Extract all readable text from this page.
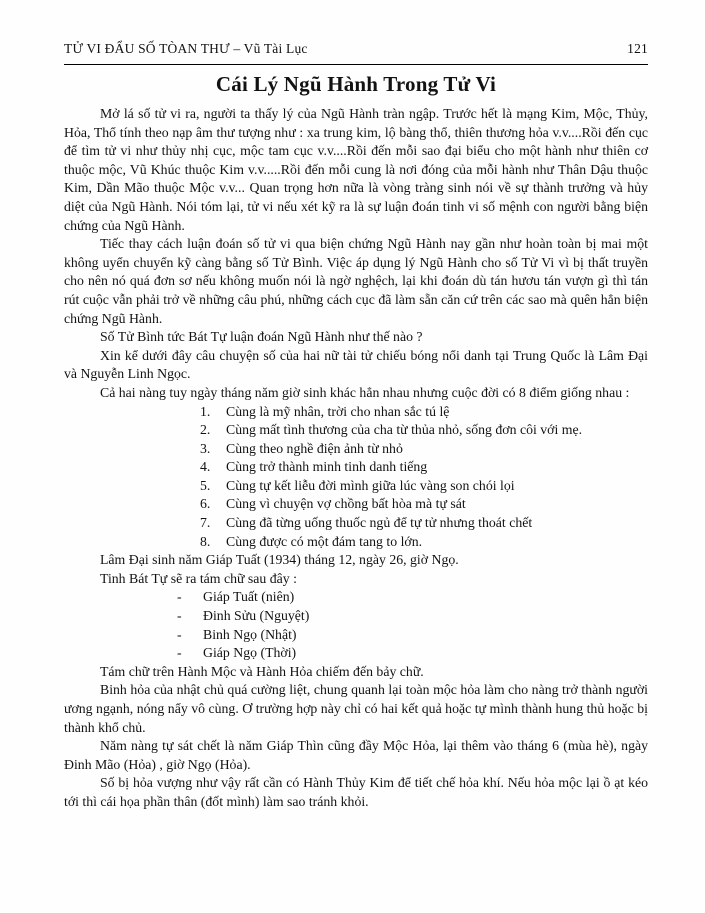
TỬ VI ĐẨU SỐ TÒAN THƯ – Vũ Tài Lục	121
Cái Lý Ngũ Hành Trong Tử Vi

Mở lá số tử vi ra, người ta thấy lý của Ngũ Hành tràn ngập. Trước hết là mạng Kim, Mộc, Thủy, Hỏa, Thổ tính theo nạp âm thư tượng như : xa trung kim, lộ bàng thổ, thiên thương hỏa v.v....Rồi đến cục để tìm tử vi như thủy nhị cục, mộc tam cục v.v....Rồi đến mỗi sao đại biểu cho một hành như thiên cơ thuộc mộc, Vũ Khúc thuộc Kim v.v.....Rồi đến mỗi cung là nơi đóng của mỗi hành như Thân Dậu thuộc Kim, Dần Mão thuộc Mộc v.v... Quan trọng hơn nữa là vòng tràng sinh nói về sự thành trưởng và hủy diệt của Ngũ Hành. Nói tóm lại, tử vi nếu xét kỹ ra là sự luận đoán tinh vi số mệnh con người bằng biện chứng của Ngũ Hành.

Tiếc thay cách luận đoán số tử vi qua biện chứng Ngũ Hành nay gần như hoàn toàn bị mai một không uyển chuyển kỹ càng bằng số Tử Bình. Việc áp dụng lý Ngũ Hành cho số Tử Vi vì bị thất truyền cho nên nó quá đơn sơ nếu không muốn nói là ngờ nghệch, lại khi đoán dù tán hươu tán vượn gì thì tán rút cuộc vẫn phải trở về những câu phú, những cách cục đã làm sẵn căn cứ trên các sao mà quên hẳn biện chứng Ngũ Hành.

Số Tử Bình tức Bát Tự luận đoán Ngũ Hành như thế nào ?

Xin kể dưới đây câu chuyện số của hai nữ tài tử chiếu bóng nổi danh tại Trung Quốc là Lâm Đại và Nguyễn Linh Ngọc.

Cả hai nàng tuy ngày tháng năm giờ sinh khác hẳn nhau nhưng cuộc đời có 8 điểm giống nhau :

1.	Cùng là mỹ nhân, trời cho nhan sắc tú lệ
2.	Cùng mất tình thương của cha từ thủa nhỏ, sống đơn côi với mẹ.
3.	Cùng theo nghề điện ảnh từ nhỏ
4.	Cùng trở thành minh tinh danh tiếng
5.	Cùng tự kết liễu đời mình giữa lúc vàng son chói lọi
6.	Cùng vì chuyện vợ chồng bất hòa mà tự sát
7.	Cùng đã từng uống thuốc ngủ để tự tử nhưng thoát chết
8.	Cùng được có một đám tang to lớn.

Lâm Đại sinh năm Giáp Tuất (1934) tháng 12, ngày 26, giờ Ngọ.

Tinh Bát Tự sẽ ra tám chữ sau đây :

-	Giáp Tuất (niên)
-	Đinh Sửu (Nguyệt)
-	Binh Ngọ (Nhật)
-	Giáp Ngọ (Thời)

Tám chữ trên Hành Mộc và Hành Hỏa chiếm đến bảy chữ.

Binh hỏa của nhật chủ quá cường liệt, chung quanh lại toàn mộc hỏa làm cho nàng trở thành người ương ngạnh, nóng nẩy vô cùng. Ơ trường hợp này chỉ có hai kết quả hoặc tự mình thành hung thủ hoặc bị thành khổ chủ.

Năm nàng tự sát chết là năm Giáp Thìn cũng đầy Mộc Hỏa, lại thêm vào tháng 6 (mùa hè), ngày Đinh Mão (Hỏa) , giờ Ngọ (Hỏa).

Số bị hỏa vượng như vậy rất cần có Hành Thủy Kim để tiết chế hỏa khí. Nếu hỏa mộc lại ồ ạt kéo tới thì cái họa phần thân (đốt mình) làm sao tránh khỏi.
